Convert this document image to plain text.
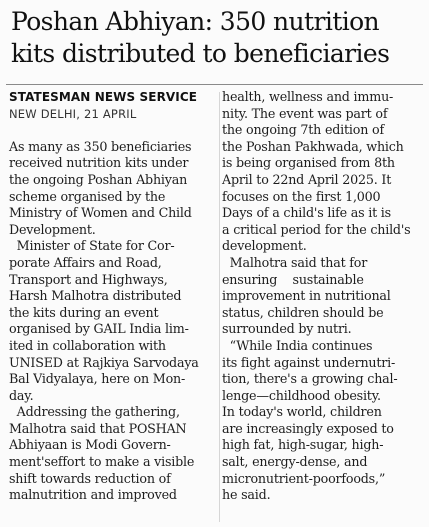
Poshan Abhiyan: 350 nutrition
kits distributed to beneficiaries
STATESMAN NEWS SERVICE
NEW DELHI, 21 APRIL
As many as 350 beneficiaries
received nutrition kits under
the ongoing Poshan Abhiyan
scheme organised by the
Ministry of Women and Child
Development.
Minister of State for Cor-
porate Affairs and Road,
Transport and Highways,
Harsh Malhotra distributed
the kits during an event
organised by GAIL India lim-
ited in collaboration with
UNISED at Rajkiya Sarvodaya
Bal Vidyalaya, here on Mon-
day.
Addressing the gathering,
Malhotra said that POSHAN
Abhiyaan is Modi Govern-
ment'seffort to make a visible
shift towards reduction of
malnutrition and improved
health, wellness and immu-
nity. The event was part of
the ongoing 7th edition of
the Poshan Pakhwada, which
is being organised from 8th
April to 22nd April 2025. It
focuses on the first 1,000
Days of a child's life as it is
a critical period for the child's
development.
Malhotra said that for
ensuring    sustainable
improvement in nutritional
status, children should be
surrounded by nutri.
“While India continues
its fight against undernutri-
tion, there's a growing chal-
lenge—childhood obesity.
In today's world, children
are increasingly exposed to
high fat, high-sugar, high-
salt, energy-dense, and
micronutrient-poorfoods,”
he said.
